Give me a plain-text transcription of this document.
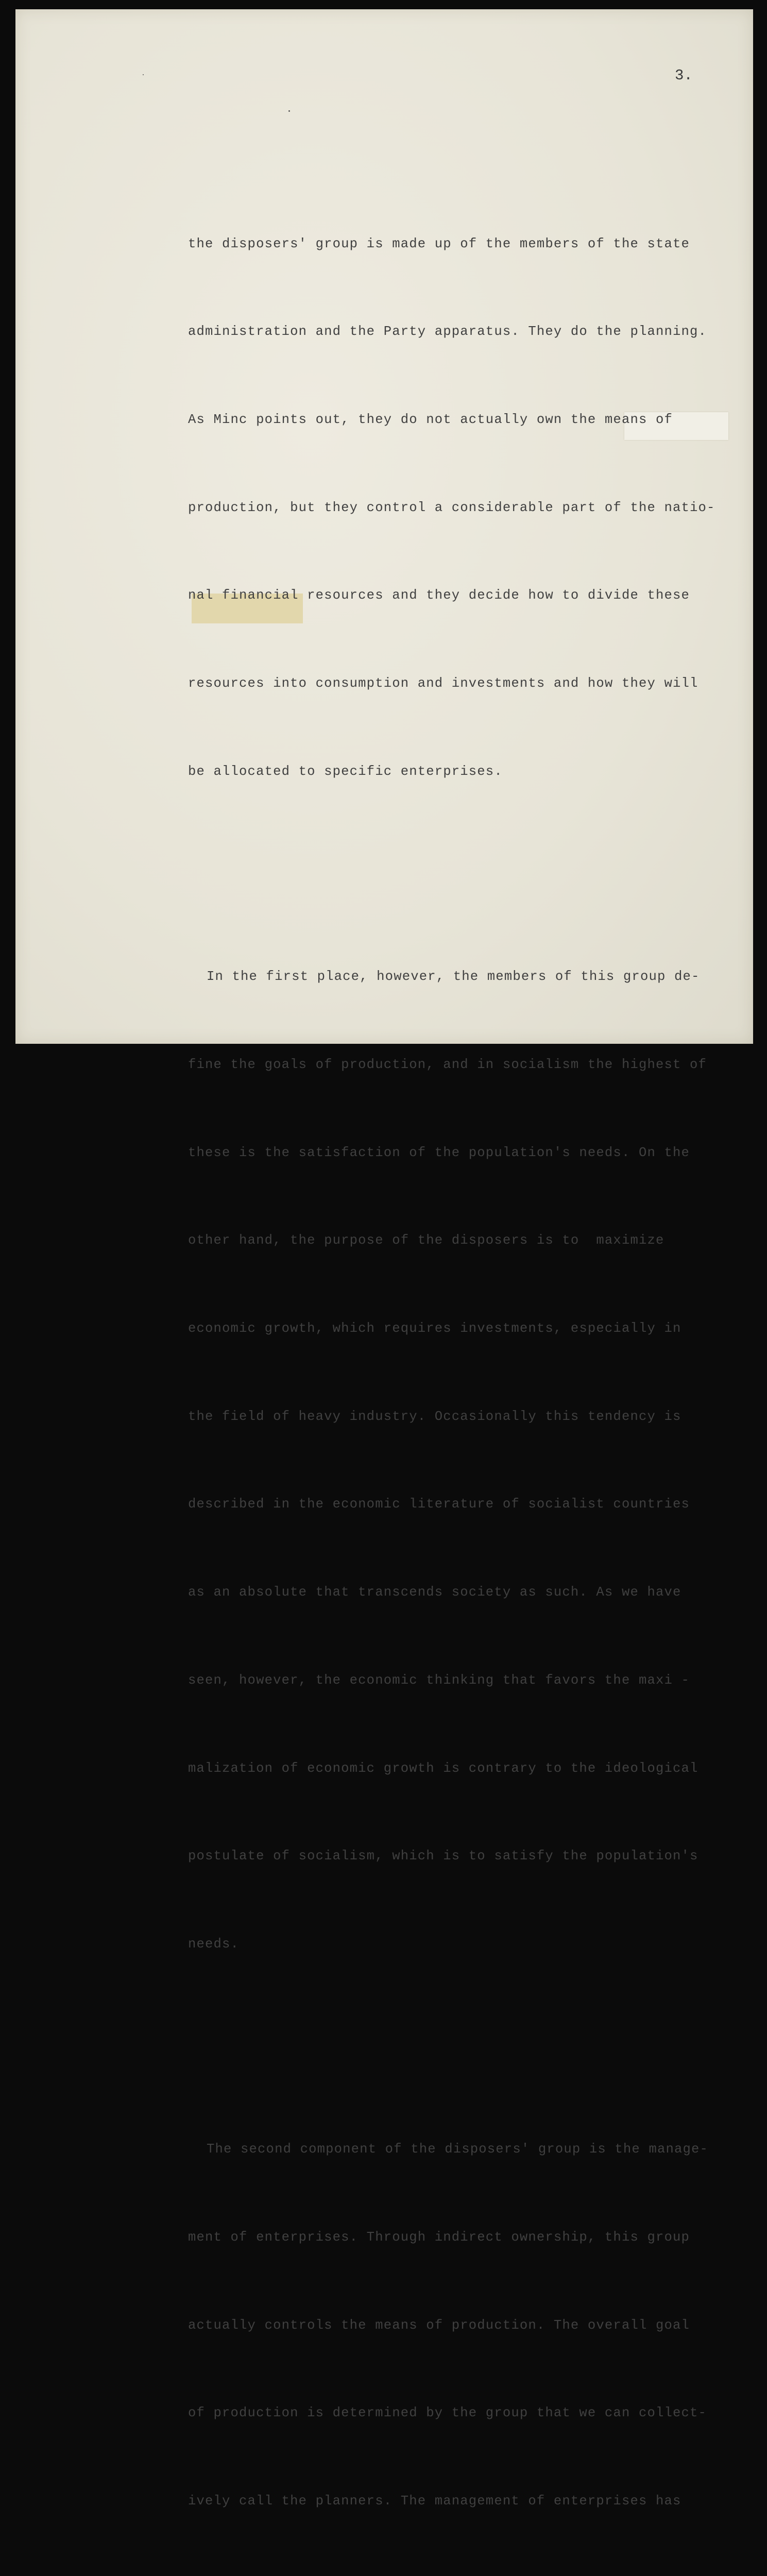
3.

the disposers' group is made up of the members of the state

administration and the Party apparatus. They do the planning.

As Minc points out, they do not actually own the means of

production, but they control a considerable part of the natio-

nal financial resources and they decide how to divide these

resources into consumption and investments and how they will

be allocated to specific enterprises.

In the first place, however, the members of this group de-

fine the goals of production, and in socialism the highest of

these is the satisfaction of the population's needs. On the

other hand, the purpose of the disposers is to  maximize

economic growth, which requires investments, especially in

the field of heavy industry. Occasionally this tendency is

described in the economic literature of socialist countries

as an absolute that transcends society as such. As we have

seen, however, the economic thinking that favors the maxi -

malization of economic growth is contrary to the ideological

postulate of socialism, which is to satisfy the population's

needs.

The second component of the disposers' group is the manage-

ment of enterprises. Through indirect ownership, this group

actually controls the means of production. The overall goal

of production is determined by the group that we can collect-

ively call the planners. The management of enterprises has
